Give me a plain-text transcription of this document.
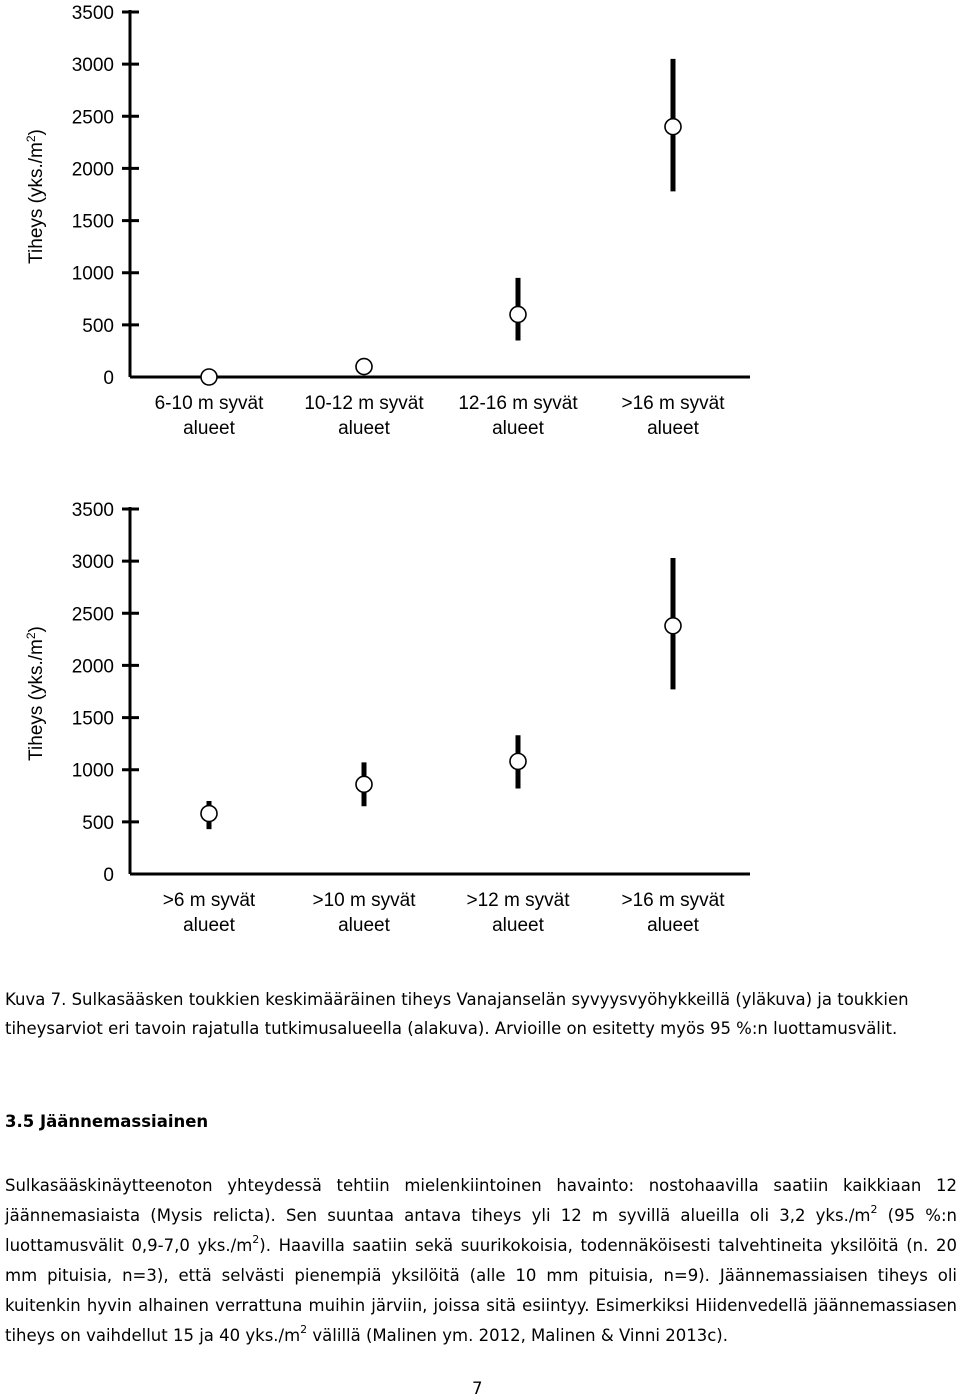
0
500
1000
1500
2000
2500
3000
3500
Tiheys $(yks./m^2)$
6-10 m syvät
alueet
10-12 m syvät
alueet
12-16 m syvät
alueet
>16 m syvät
alueet
0
500
1000
1500
2000
2500
3000
3500
Tiheys $(yks./m^2)$
>6 m syvät
alueet
>10 m syvät
alueet
>12 m syvät
alueet
>16 m syvät
alueet
Kuva 7. Sulkasääsken toukkien keskimääräinen tiheys Vanajanselän syvyysvyöhykkeillä (yläkuva) ja toukkien tiheysarviot eri tavoin rajatulla tutkimusalueella (alakuva). Arvioille on esitetty myös 95 %:n luottamusvälit.
3.5 Jäännemassiainen

Sulkasääskinäytteenoton yhteydessä tehtiin mielenkiintoinen havainto: nostohaavilla saatiin kaikkiaan 12 jäännemasiaista (Mysis relicta). Sen suuntaa antava tiheys yli 12 m syvillä alueilla oli 3,2 $yks./m^2$ (95 %:n luottamusvälit 0,9-7,0 $yks./m^2$). Haavilla saatiin sekä suurikokoisia, todennäköisesti talvehtineita yksilöitä (n. 20 mm pituisia, n=3), että selvästi pienempiä yksilöitä (alle 10 mm pituisia, n=9). Jäännemassiaisen tiheys oli kuitenkin hyvin alhainen verrattuna muihin järviin, joissa sitä esiintyy. Esimerkiksi Hiidenvedellä jäännemassiasen tiheys on vaihdellut 15 ja 40 $yks./m^2$ välillä (Malinen ym. 2012, Malinen & Vinni 2013c).

7
